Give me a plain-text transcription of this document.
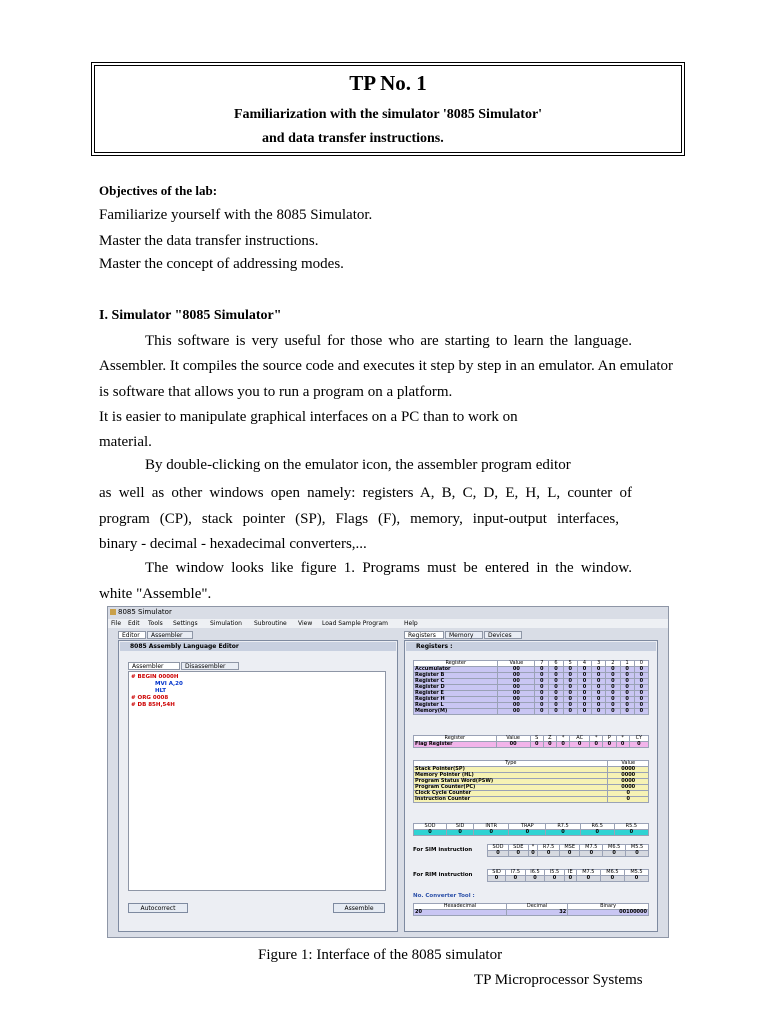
TP No. 1
Familiarization with the simulator '8085 Simulator'
and data transfer instructions.
Objectives of the lab:
Familiarize yourself with the 8085 Simulator.
Master the data transfer instructions.
Master the concept of addressing modes.
I. Simulator "8085 Simulator"
This software is very useful for those who are starting to learn the language.
Assembler. It compiles the source code and executes it step by step in an emulator. An emulator
is software that allows you to run a program on a platform.
It is easier to manipulate graphical interfaces on a PC than to work on
material.
By double-clicking on the emulator icon, the assembler program editor
as well as other windows open namely: registers A, B, C, D, E, H, L, counter of
program (CP), stack pointer (SP), Flags (F), memory, input-output interfaces,
binary - decimal - hexadecimal converters,...
The window looks like figure 1. Programs must be entered in the window.
white "Assemble".
8085 Simulator
File Edit Tools Settings Simulation Subroutine View Load Sample Program	Help
Editor	Assembler
8085 Assembly Language Editor
Assembler	Disassembler
# BEGIN 0000H
MVI A,20
HLT
# ORG 0008
# DB 85H,54H
Autocorrect	Assemble
Registers	Memory	Devices
Registers :
Register	Value	7	6	5	4	3	2	1	0
Accumulator	00	0	0	0	0	0	0	0	0
Register B	00	0	0	0	0	0	0	0	0
Register C	00	0	0	0	0	0	0	0	0
Register D	00	0	0	0	0	0	0	0	0
Register E	00	0	0	0	0	0	0	0	0
Register H	00	0	0	0	0	0	0	0	0
Register L	00	0	0	0	0	0	0	0	0
Memory(M)	00	0	0	0	0	0	0	0	0
Register	Value	S	Z	*	AC	*	P	*	CY
Flag Register	00	0	0	0	0	0	0	0	0
Type	Value
Stack Pointer(SP)	0000
Memory Pointer (HL)	0000
Program Status Word(PSW)	0000
Program Counter(PC)	0000
Clock Cycle Counter	0
Instruction Counter	0
SOD	SID	INTR	TRAP	R7.5	R6.5	R5.5
0	0	0	0	0	0	0
For SIM instruction	SOD	SDE	*	R7.5	MSE	M7.5	M6.5	M5.5
0	0	0	0	0	0	0	0
For RIM instruction	SID	I7.5	I6.5	I5.5	IE	M7.5	M6.5	M5.5
0	0	0	0	0	0	0	0
No. Converter Tool :
Hexadecimal	Decimal	Binary
20	32	00100000
Figure 1: Interface of the 8085 simulator
TP Microprocessor Systems
